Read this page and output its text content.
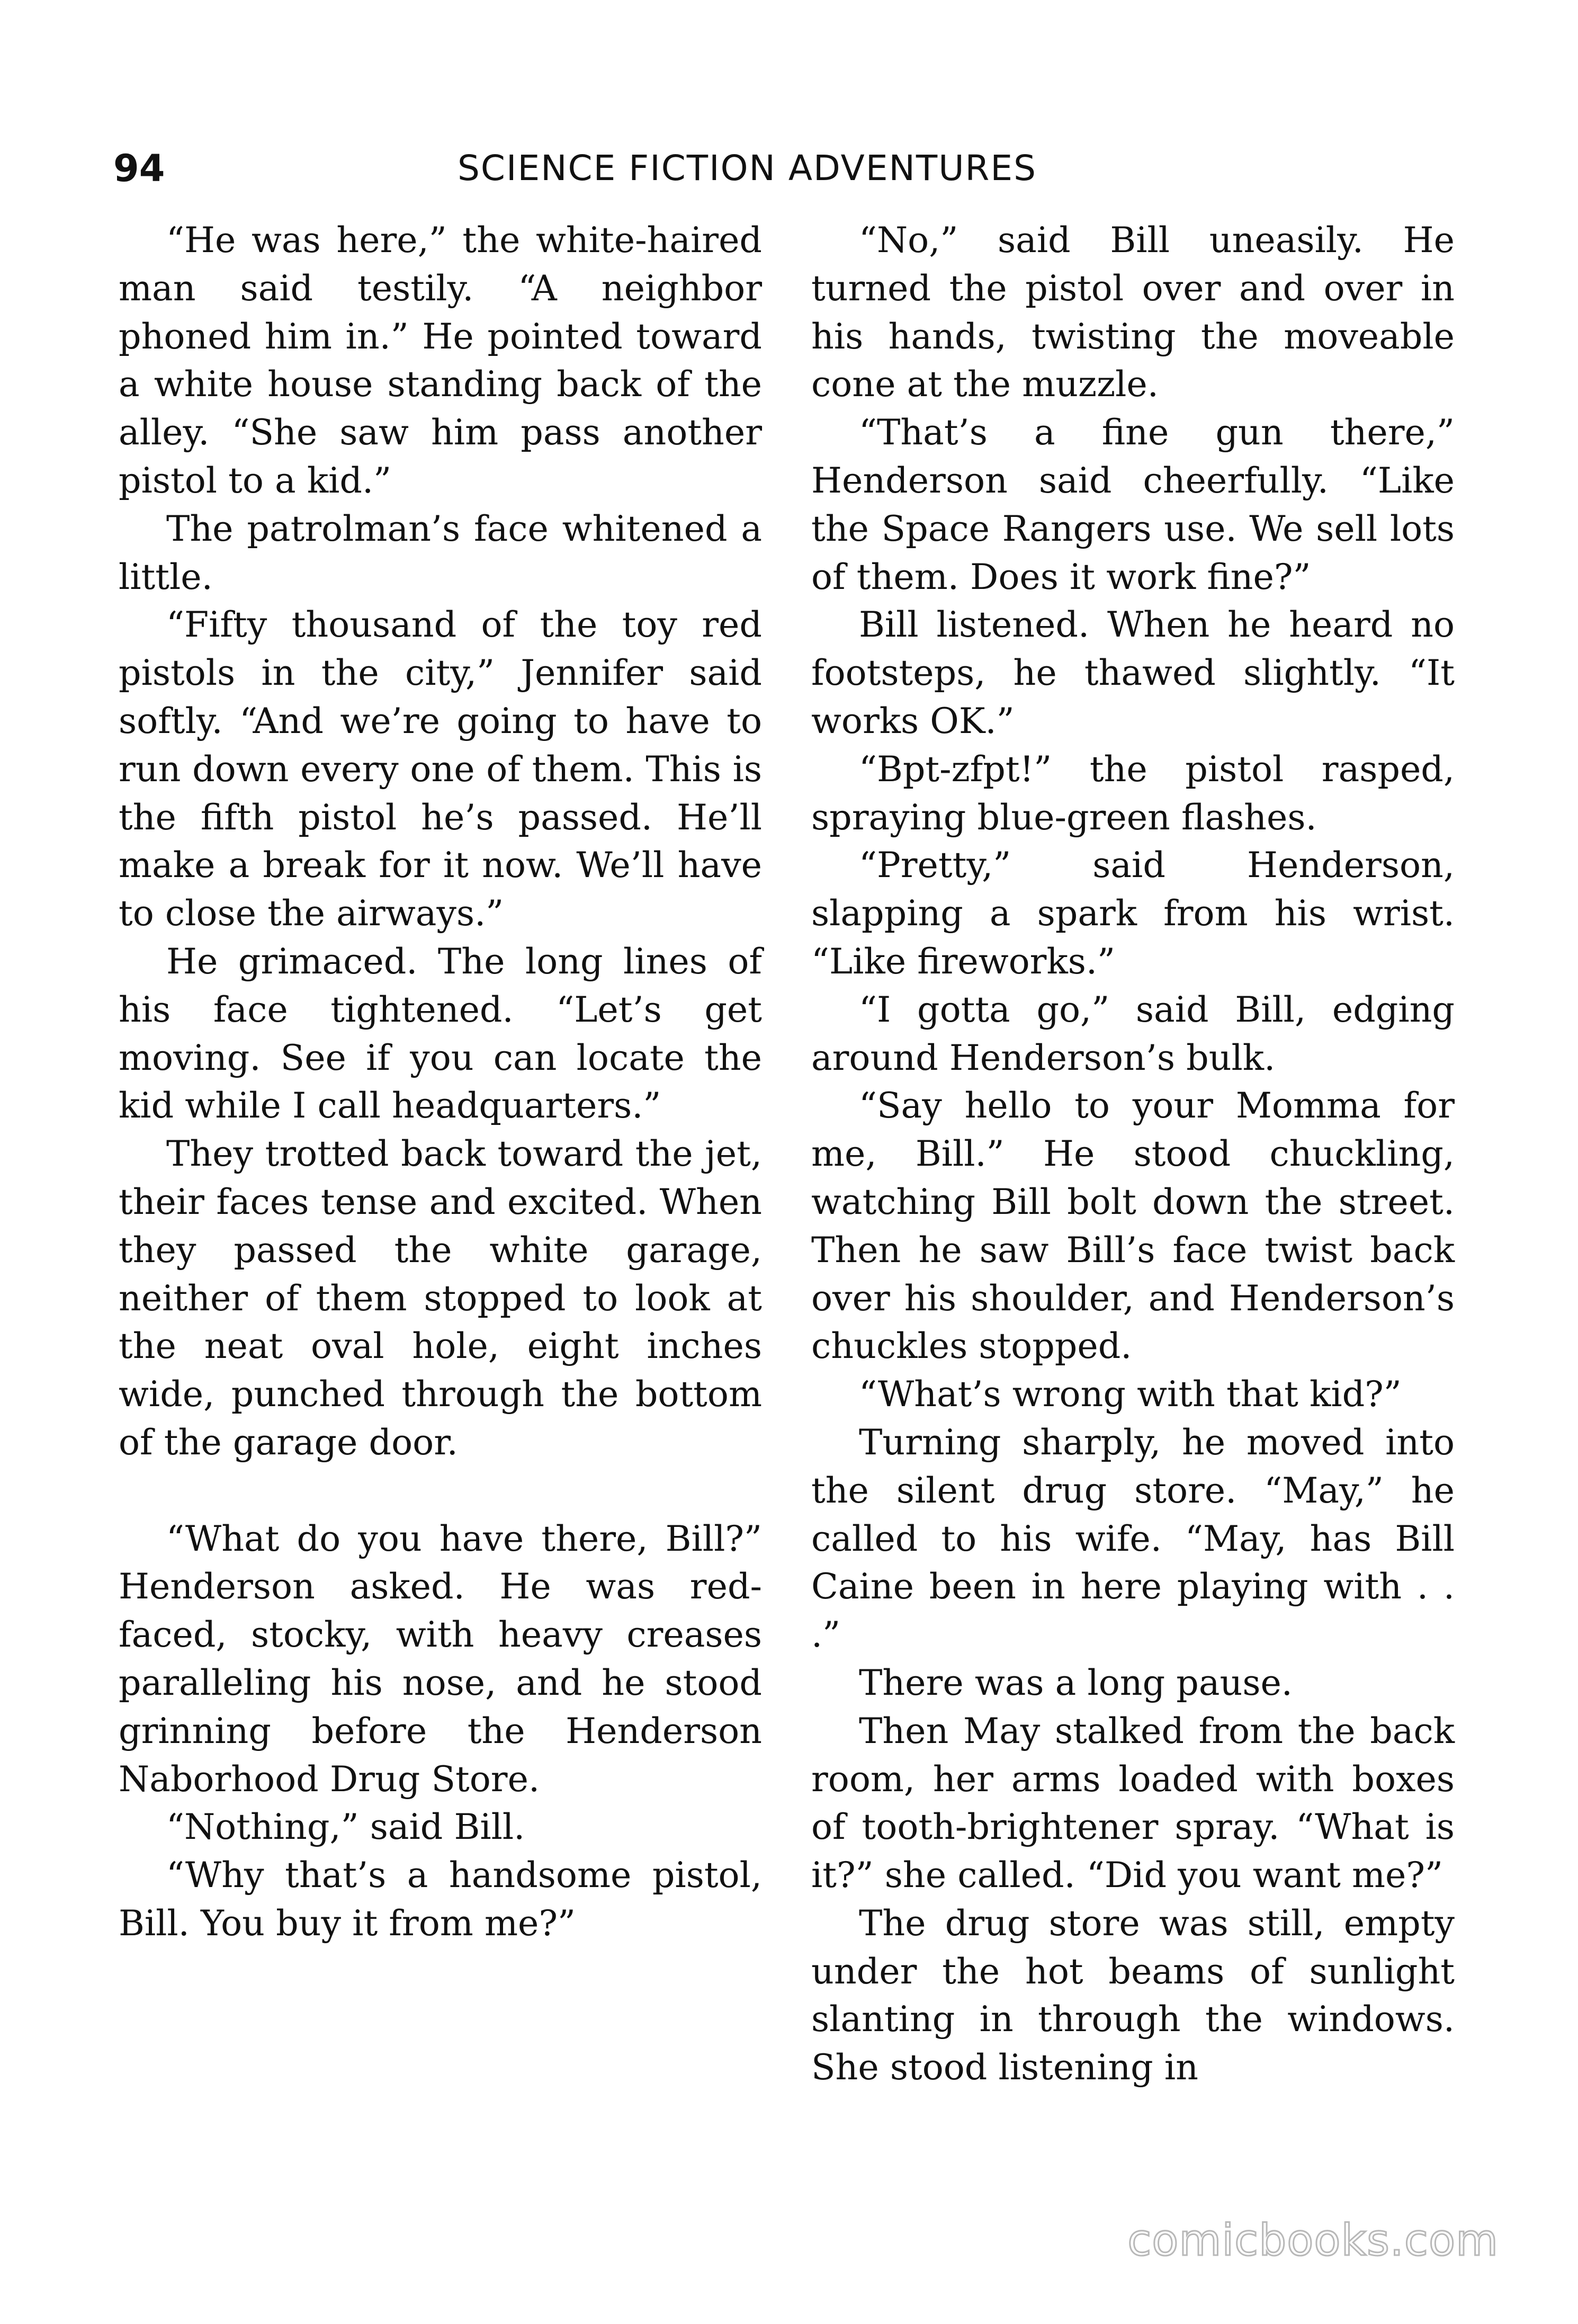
94	SCIENCE FICTION ADVENTURES

“He was here,” the white-haired man said testily. “A neighbor phoned him in.” He pointed toward a white house standing back of the alley. “She saw him pass another pistol to a kid.”

The patrolman’s face whitened a little.

“Fifty thousand of the toy red pistols in the city,” Jennifer said softly. “And we’re going to have to run down every one of them. This is the fifth pistol he’s passed. He’ll make a break for it now. We’ll have to close the airways.”

He grimaced. The long lines of his face tightened. “Let’s get moving. See if you can locate the kid while I call headquarters.”

They trotted back toward the jet, their faces tense and excited. When they passed the white garage, neither of them stopped to look at the neat oval hole, eight inches wide, punched through the bottom of the garage door.

“What do you have there, Bill?” Henderson asked. He was red-faced, stocky, with heavy creases paralleling his nose, and he stood grinning before the Henderson Naborhood Drug Store.

“Nothing,” said Bill.

“Why that’s a handsome pistol, Bill. You buy it from me?”

“No,” said Bill uneasily. He turned the pistol over and over in his hands, twisting the moveable cone at the muzzle.

“That’s a fine gun there,” Henderson said cheerfully. “Like the Space Rangers use. We sell lots of them. Does it work fine?”

Bill listened. When he heard no footsteps, he thawed slightly. “It works OK.”

“Bpt-zfpt!” the pistol rasped, spraying blue-green flashes.

“Pretty,” said Henderson, slapping a spark from his wrist. “Like fireworks.”

“I gotta go,” said Bill, edging around Henderson’s bulk.

“Say hello to your Momma for me, Bill.” He stood chuckling, watching Bill bolt down the street. Then he saw Bill’s face twist back over his shoulder, and Henderson’s chuckles stopped.

“What’s wrong with that kid?”

Turning sharply, he moved into the silent drug store. “May,” he called to his wife. “May, has Bill Caine been in here playing with . . .”

There was a long pause.

Then May stalked from the back room, her arms loaded with boxes of tooth-brightener spray. “What is it?” she called. “Did you want me?”

The drug store was still, empty under the hot beams of sunlight slanting in through the windows. She stood listening in

comicbooks.com
